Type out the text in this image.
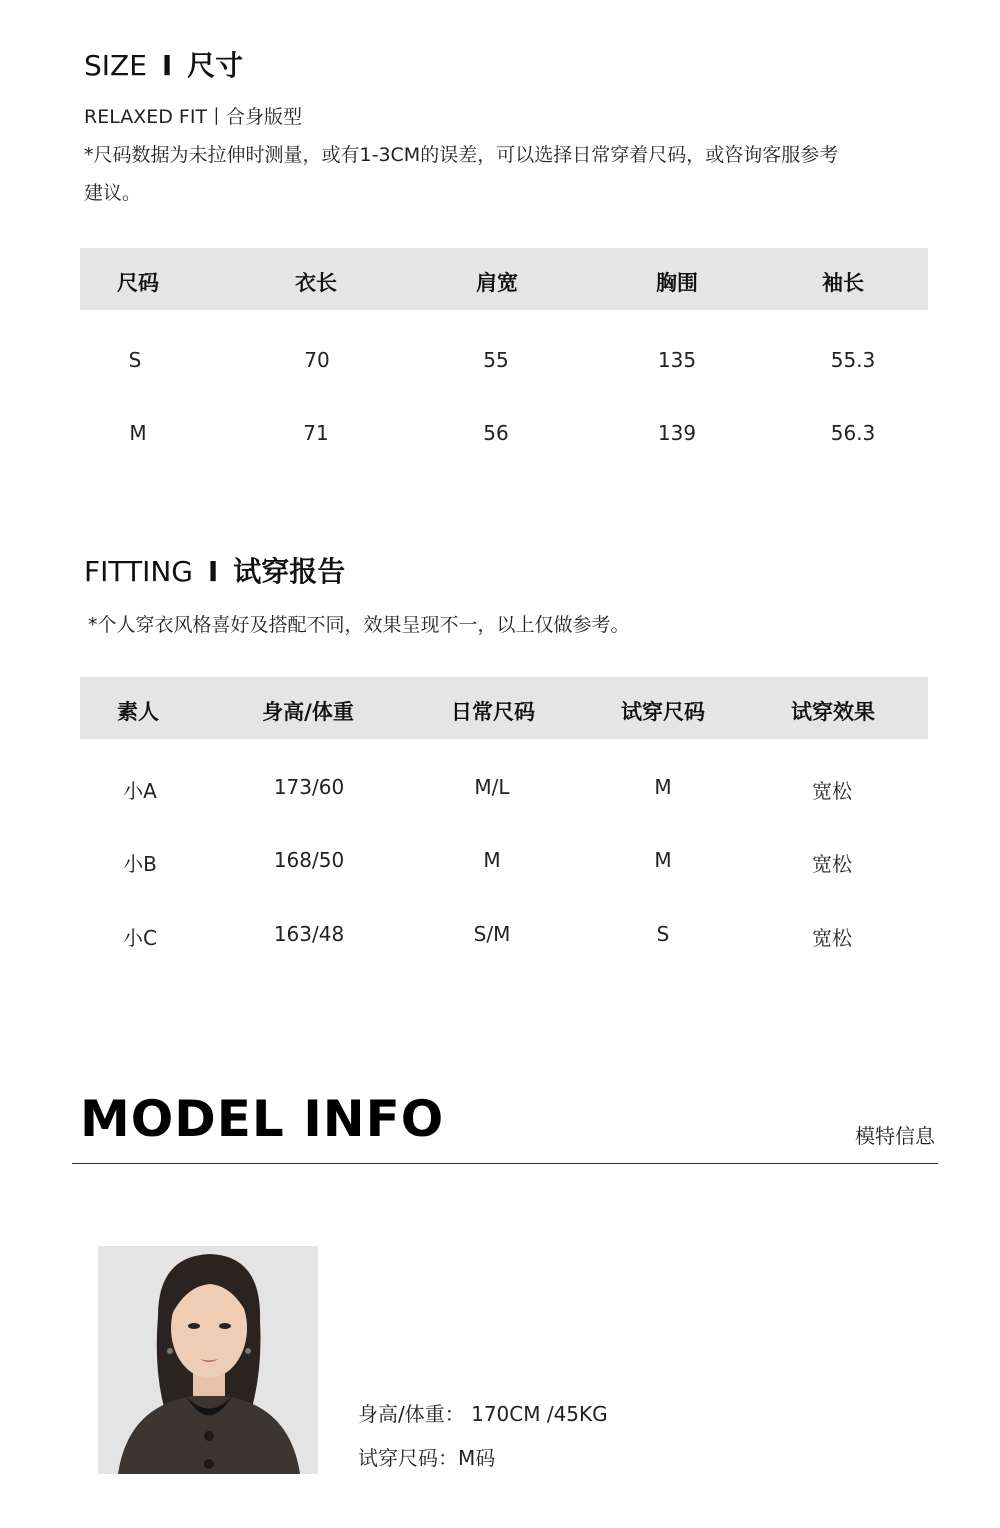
SIZE I 尺寸
RELAXED FIT丨合身版型
*尺码数据为未拉伸时测量，或有1-3CM的误差，可以选择日常穿着尺码，或咨询客服参考
建议。
尺码	衣长	肩宽	胸围	袖长
S	70	55	135	55.3
M	71	56	139	56.3
FITTING I 试穿报告
*个人穿衣风格喜好及搭配不同，效果呈现不一，以上仅做参考。
素人	身高/体重	日常尺码	试穿尺码	试穿效果
小A	173/60	M/L	M	宽松
小B	168/50	M	M	宽松
小C	163/48	S/M	S	宽松
MODEL INFO	模特信息
身高/体重： 170CM /45KG
试穿尺码：M码
